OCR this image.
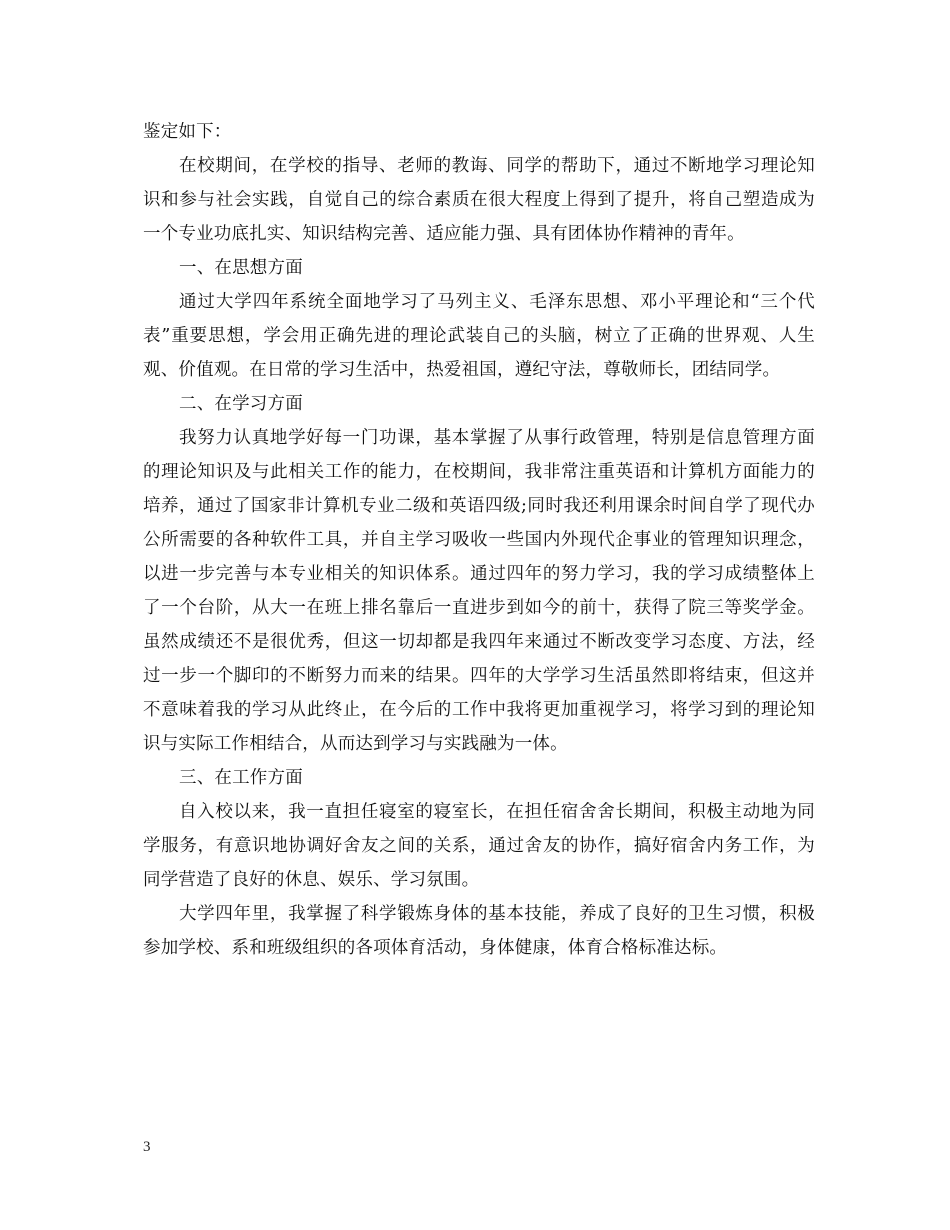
鉴定如下：

在校期间，在学校的指导、老师的教诲、同学的帮助下，通过不断地学习理论知识和参与社会实践，自觉自己的综合素质在很大程度上得到了提升，将自己塑造成为一个专业功底扎实、知识结构完善、适应能力强、具有团体协作精神的青年。

一、在思想方面

通过大学四年系统全面地学习了马列主义、毛泽东思想、邓小平理论和“三个代表”重要思想，学会用正确先进的理论武装自己的头脑，树立了正确的世界观、人生观、价值观。在日常的学习生活中，热爱祖国，遵纪守法，尊敬师长，团结同学。

二、在学习方面

我努力认真地学好每一门功课，基本掌握了从事行政管理，特别是信息管理方面的理论知识及与此相关工作的能力，在校期间，我非常注重英语和计算机方面能力的培养，通过了国家非计算机专业二级和英语四级;同时我还利用课余时间自学了现代办公所需要的各种软件工具，并自主学习吸收一些国内外现代企事业的管理知识理念，以进一步完善与本专业相关的知识体系。通过四年的努力学习，我的学习成绩整体上了一个台阶，从大一在班上排名靠后一直进步到如今的前十，获得了院三等奖学金。虽然成绩还不是很优秀，但这一切却都是我四年来通过不断改变学习态度、方法，经过一步一个脚印的不断努力而来的结果。四年的大学学习生活虽然即将结束，但这并不意味着我的学习从此终止，在今后的工作中我将更加重视学习，将学习到的理论知识与实际工作相结合，从而达到学习与实践融为一体。

三、在工作方面

自入校以来，我一直担任寝室的寝室长，在担任宿舍舍长期间，积极主动地为同学服务，有意识地协调好舍友之间的关系，通过舍友的协作，搞好宿舍内务工作，为同学营造了良好的休息、娱乐、学习氛围。

大学四年里，我掌握了科学锻炼身体的基本技能，养成了良好的卫生习惯，积极参加学校、系和班级组织的各项体育活动，身体健康，体育合格标准达标。

3
